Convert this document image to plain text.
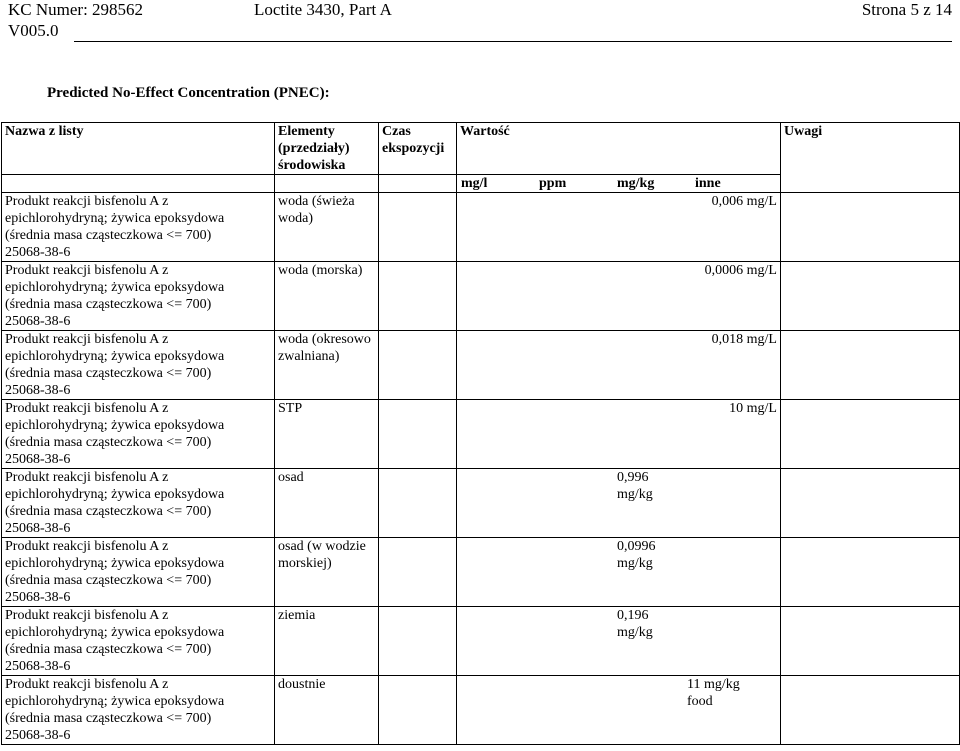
KC Numer: 298562	Loctite 3430, Part A	Strona 5 z 14
V005.0
Predicted No-Effect Concentration (PNEC):
Nazwa z listy	Elementy (przedziały) środowiska	Czas ekspozycji	Wartość	Uwagi

			mg/l ppm mg/kg inne	

Produkt reakcji bisfenolu A z
epichlorohydryną; żywica epoksydowa
(średnia masa cząsteczkowa <= 700)
25068-38-6	woda (świeża woda)		0,006 mg/L	

Produkt reakcji bisfenolu A z
epichlorohydryną; żywica epoksydowa
(średnia masa cząsteczkowa <= 700)
25068-38-6	woda (morska)		0,0006 mg/L	

Produkt reakcji bisfenolu A z
epichlorohydryną; żywica epoksydowa
(średnia masa cząsteczkowa <= 700)
25068-38-6	woda (okresowo zwalniana)		0,018 mg/L	

Produkt reakcji bisfenolu A z
epichlorohydryną; żywica epoksydowa
(średnia masa cząsteczkowa <= 700)
25068-38-6	STP		10 mg/L	

Produkt reakcji bisfenolu A z
epichlorohydryną; żywica epoksydowa
(średnia masa cząsteczkowa <= 700)
25068-38-6	osad		0,996 mg/kg	

Produkt reakcji bisfenolu A z
epichlorohydryną; żywica epoksydowa
(średnia masa cząsteczkowa <= 700)
25068-38-6	osad (w wodzie morskiej)		0,0996 mg/kg	

Produkt reakcji bisfenolu A z
epichlorohydryną; żywica epoksydowa
(średnia masa cząsteczkowa <= 700)
25068-38-6	ziemia		0,196 mg/kg	

Produkt reakcji bisfenolu A z
epichlorohydryną; żywica epoksydowa
(średnia masa cząsteczkowa <= 700)
25068-38-6	doustnie		11 mg/kg food	
